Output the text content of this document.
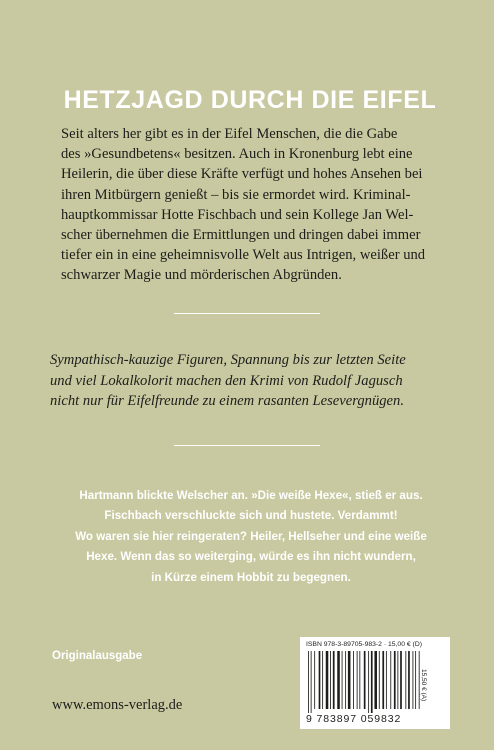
HETZJAGD DURCH DIE EIFEL
Seit alters her gibt es in der Eifel Menschen, die die Gabe
des »Gesundbetens« besitzen. Auch in Kronenburg lebt eine
Heilerin, die über diese Kräfte verfügt und hohes Ansehen bei
ihren Mitbürgern genießt – bis sie ermordet wird. Kriminal-
hauptkommissar Hotte Fischbach und sein Kollege Jan Wel-
scher übernehmen die Ermittlungen und dringen dabei immer
tiefer ein in eine geheimnisvolle Welt aus Intrigen, weißer und
schwarzer Magie und mörderischen Abgründen.
Sympathisch-kauzige Figuren, Spannung bis zur letzten Seite
und viel Lokalkolorit machen den Krimi von Rudolf Jagusch
nicht nur für Eifelfreunde zu einem rasanten Lesevergnügen.
Hartmann blickte Welscher an. »Die weiße Hexe«, stieß er aus.
Fischbach verschluckte sich und hustete. Verdammt!
Wo waren sie hier reingeraten? Heiler, Hellseher und eine weiße
Hexe. Wenn das so weiterging, würde es ihn nicht wundern,
in Kürze einem Hobbit zu begegnen.
Originalausgabe
www.emons-verlag.de
ISBN 978-3-89705-983-2 · 15,00 € (D)
9 783897 059832
15,50 € (A)
